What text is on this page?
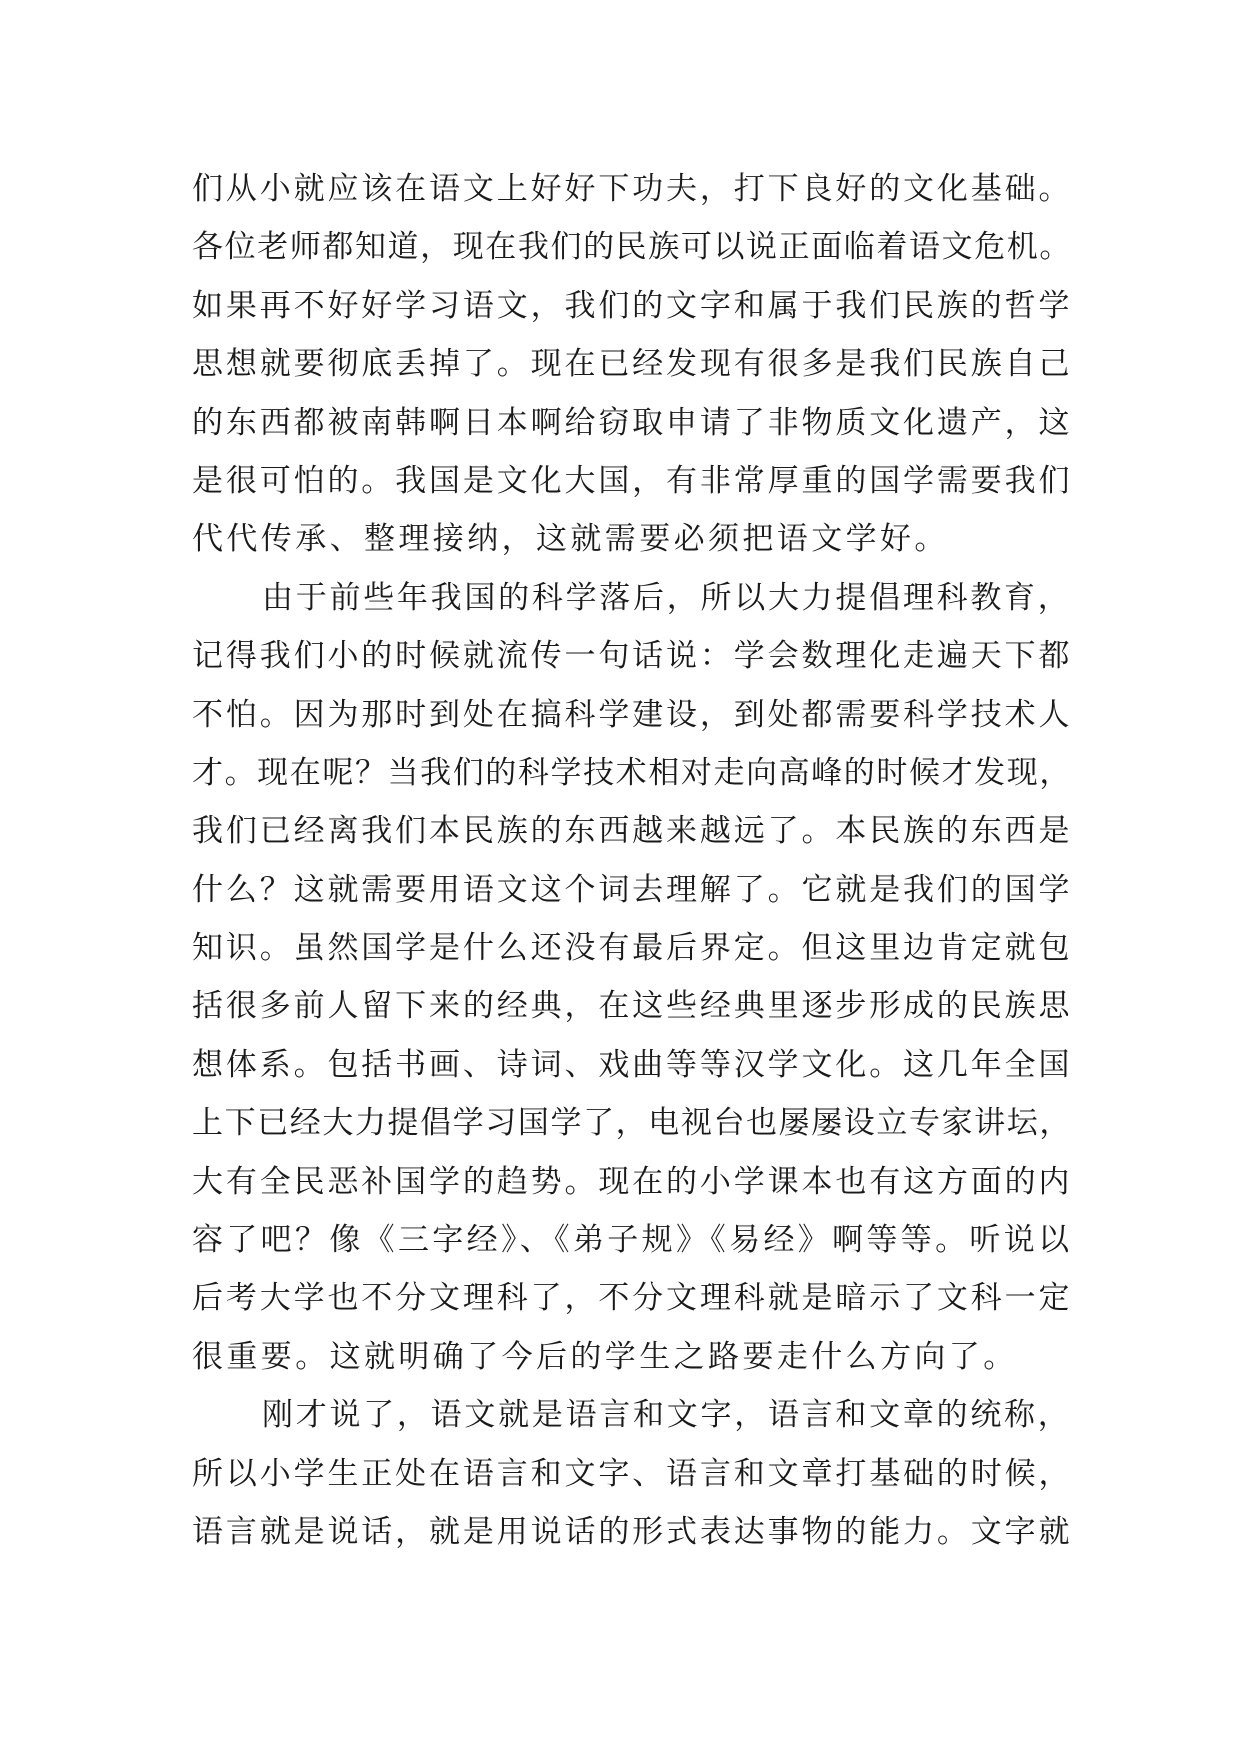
们从小就应该在语文上好好下功夫，打下良好的文化基础。
各位老师都知道，现在我们的民族可以说正面临着语文危机。
如果再不好好学习语文，我们的文字和属于我们民族的哲学
思想就要彻底丢掉了。现在已经发现有很多是我们民族自己
的东西都被南韩啊日本啊给窃取申请了非物质文化遗产，这
是很可怕的。我国是文化大国，有非常厚重的国学需要我们
代代传承、整理接纳，这就需要必须把语文学好。
由于前些年我国的科学落后，所以大力提倡理科教育，
记得我们小的时候就流传一句话说：学会数理化走遍天下都
不怕。因为那时到处在搞科学建设，到处都需要科学技术人
才。现在呢？当我们的科学技术相对走向高峰的时候才发现，
我们已经离我们本民族的东西越来越远了。本民族的东西是
什么？这就需要用语文这个词去理解了。它就是我们的国学
知识。虽然国学是什么还没有最后界定。但这里边肯定就包
括很多前人留下来的经典，在这些经典里逐步形成的民族思
想体系。包括书画、诗词、戏曲等等汉学文化。这几年全国
上下已经大力提倡学习国学了，电视台也屡屡设立专家讲坛，
大有全民恶补国学的趋势。现在的小学课本也有这方面的内
容了吧？像《三字经》、《弟子规》《易经》啊等等。听说以
后考大学也不分文理科了，不分文理科就是暗示了文科一定
很重要。这就明确了今后的学生之路要走什么方向了。
刚才说了，语文就是语言和文字，语言和文章的统称，
所以小学生正处在语言和文字、语言和文章打基础的时候，
语言就是说话，就是用说话的形式表达事物的能力。文字就
